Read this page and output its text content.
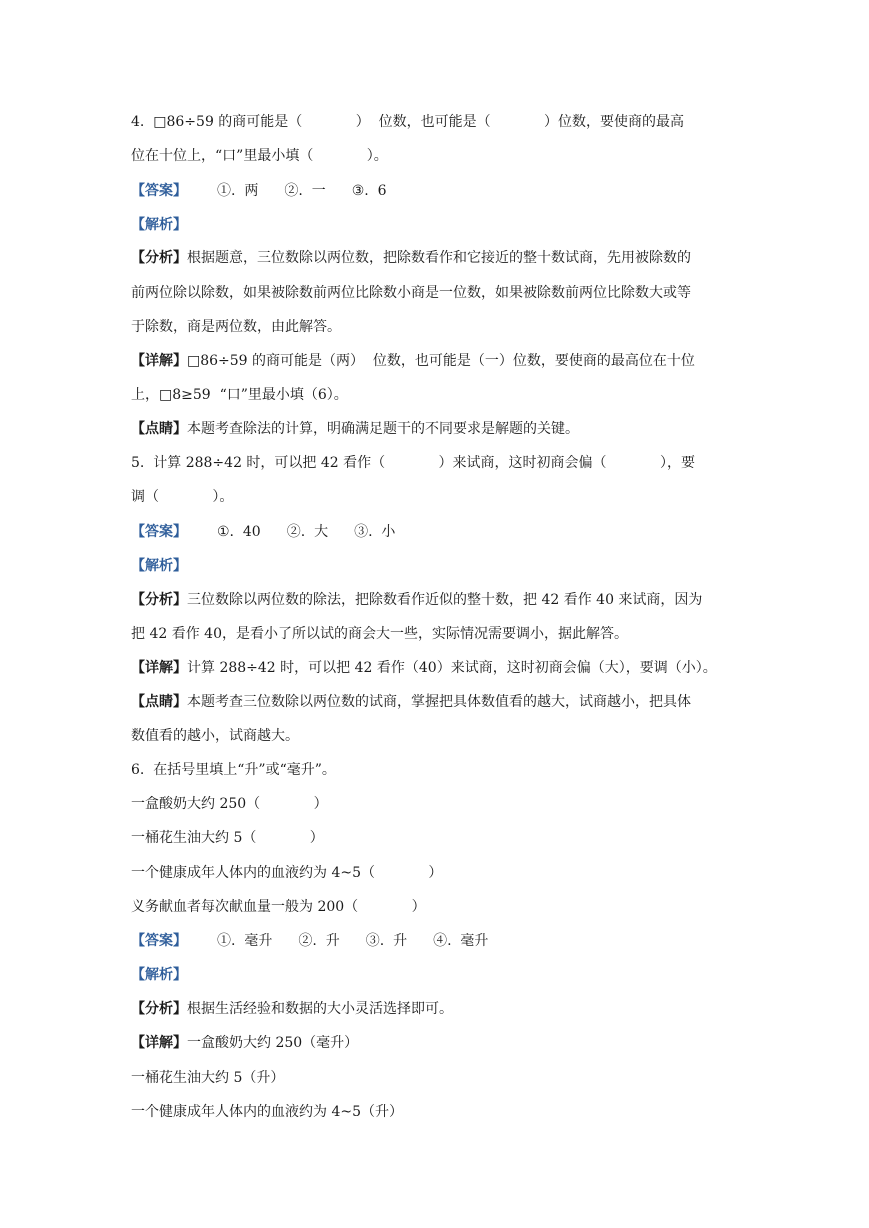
4.  □86÷59 的商可能是（            ）  位数，也可能是（            ）位数，要使商的最高
位在十位上，“口”里最小填（            ）。
【答案】 ①.  两 ②.  一 ③.  6
【解析】
【分析】根据题意，三位数除以两位数，把除数看作和它接近的整十数试商，先用被除数的
前两位除以除数，如果被除数前两位比除数小商是一位数，如果被除数前两位比除数大或等
于除数，商是两位数，由此解答。
【详解】□86÷59 的商可能是（两）  位数，也可能是（一）位数，要使商的最高位在十位
上，□8≥59  “口”里最小填（6）。
【点睛】本题考查除法的计算，明确满足题干的不同要求是解题的关键。
5.  计算 288÷42 时，可以把 42 看作（            ）来试商，这时初商会偏（            ），要
调（            ）。
【答案】 ①.  40 ②.  大 ③.  小
【解析】
【分析】三位数除以两位数的除法，把除数看作近似的整十数，把 42 看作 40 来试商，因为
把 42 看作 40，是看小了所以试的商会大一些，实际情况需要调小，据此解答。
【详解】计算 288÷42 时，可以把 42 看作（40）来试商，这时初商会偏（大），要调（小）。
【点睛】本题考查三位数除以两位数的试商，掌握把具体数值看的越大，试商越小，把具体
数值看的越小，试商越大。
6.  在括号里填上“升”或“毫升”。
一盒酸奶大约 250（            ）
一桶花生油大约 5（            ）
一个健康成年人体内的血液约为 4~5（            ）
义务献血者每次献血量一般为 200（            ）
【答案】 ①.  毫升 ②.  升 ③.  升 ④.  毫升
【解析】
【分析】根据生活经验和数据的大小灵活选择即可。
【详解】一盒酸奶大约 250（毫升）
一桶花生油大约 5（升）
一个健康成年人体内的血液约为 4~5（升）
